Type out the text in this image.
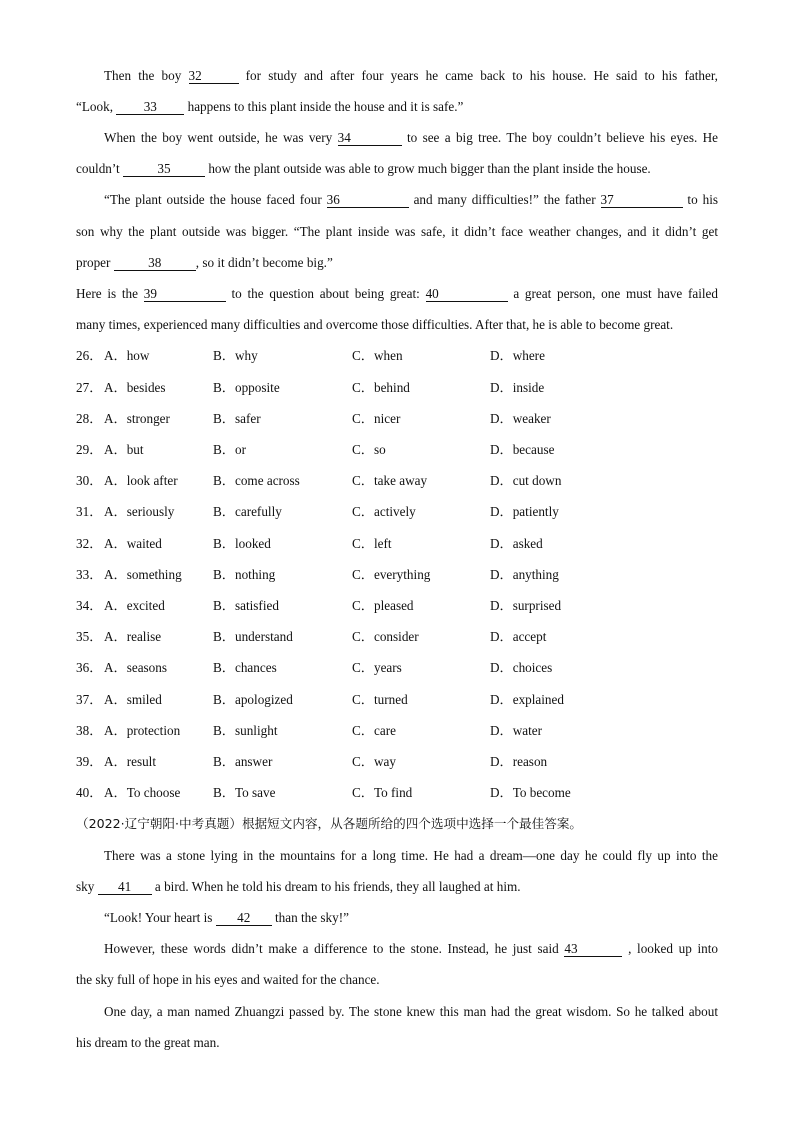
Then the boy 32	for study and after four years he came back to his house. He said to his father,
“Look, 33 happens to this plant inside the house and it is safe.”
When the boy went outside, he was very 34	to see a big tree. The boy couldn’t believe his eyes. He
couldn’t	35	how the plant outside was able to grow much bigger than the plant inside the house.
“The plant outside the house faced four 36	and many difficulties!” the father 37	to his
son why the plant outside was bigger. “The plant inside was safe, it didn’t face weather changes, and it didn’t get
proper	38	, so it didn’t become big.”
Here is the 39	to the question about being great: 40	a great person, one must have failed
many times, experienced many difficulties and overcome those difficulties. After that, he is able to become great.
26． A．how	B．why	C．when	D．where
27． A．besides	B．opposite	C．behind	D．inside
28． A．stronger	B．safer	C．nicer	D．weaker
29． A．but	B．or	C．so	D．because
30． A．look after	B．come across	C．take away	D．cut down
31． A．seriously	B．carefully	C．actively	D．patiently
32． A．waited	B．looked	C．left	D．asked
33． A．something B．nothing	C．everything	D．anything
34． A．excited	B．satisfied	C．pleased	D．surprised
35． A．realise	B．understand	C．consider	D．accept
36． A．seasons	B．chances	C．years	D．choices
37． A．smiled	B．apologized	C．turned	D．explained
38． A．protection B．sunlight	C．care	D．water
39． A．result	B．answer	C．way	D．reason
40． A．To choose B．To save	C．To find	D．To become
（2022·辽宁朝阳·中考真题）根据短文内容，从各题所给的四个选项中选择一个最佳答案。
There was a stone lying in the mountains for a long time. He had a dream—one day he could fly up into the
sky 41 a bird. When he told his dream to his friends, they all laughed at him.
“Look! Your heart is 42 than the sky!”
However, these words didn’t make a difference to the stone. Instead, he just said 43	, looked up into
the sky full of hope in his eyes and waited for the chance.
One day, a man named Zhuangzi passed by. The stone knew this man had the great wisdom. So he talked about
his dream to the great man.
